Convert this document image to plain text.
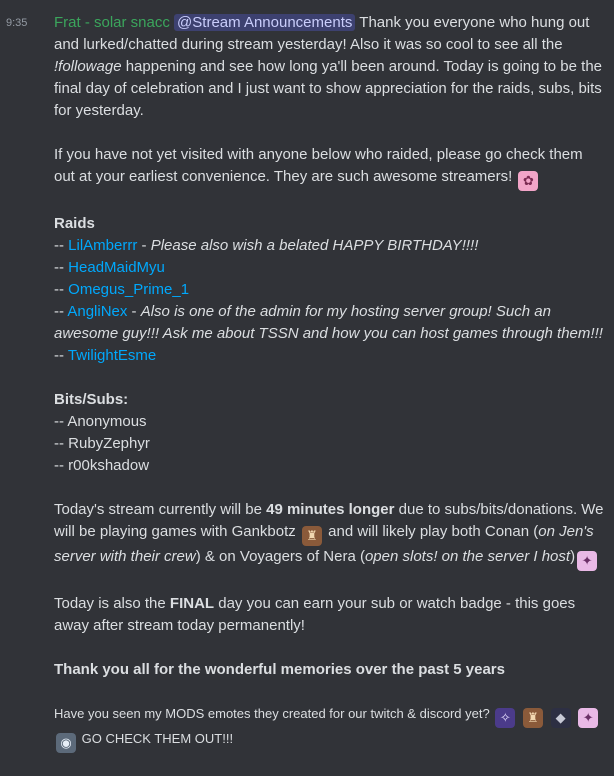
9:35 Frat - solar snacc @Stream Announcements Thank you everyone who hung out and lurked/chatted during stream yesterday! Also it was so cool to see all the !followage happening and see how long ya'll been around. Today is going to be the final day of celebration and I just want to show appreciation for the raids, subs, bits for yesterday.
If you have not yet visited with anyone below who raided, please go check them out at your earliest convenience. They are such awesome streamers! ✿
Raids
-- LilAmberrr - Please also wish a belated HAPPY BIRTHDAY!!!!
-- HeadMaidMyu
-- Omegus_Prime_1
-- AngliNex - Also is one of the admin for my hosting server group! Such an awesome guy!!! Ask me about TSSN and how you can host games through them!!!
-- TwilightEsme
Bits/Subs:
-- Anonymous
-- RubyZephyr
-- r00kshadow
Today's stream currently will be 49 minutes longer due to subs/bits/donations. We will be playing games with Gankbotz ♜ and will likely play both Conan (on Jen's server with their crew) & on Voyagers of Nera (open slots! on the server I host) ✦
Today is also the FINAL day you can earn your sub or watch badge - this goes away after stream today permanently!
Thank you all for the wonderful memories over the past 5 years
Have you seen my MODS emotes they created for our twitch & discord yet? ✧ ♜ ◆ ✦ ◉ GO CHECK THEM OUT!!!
